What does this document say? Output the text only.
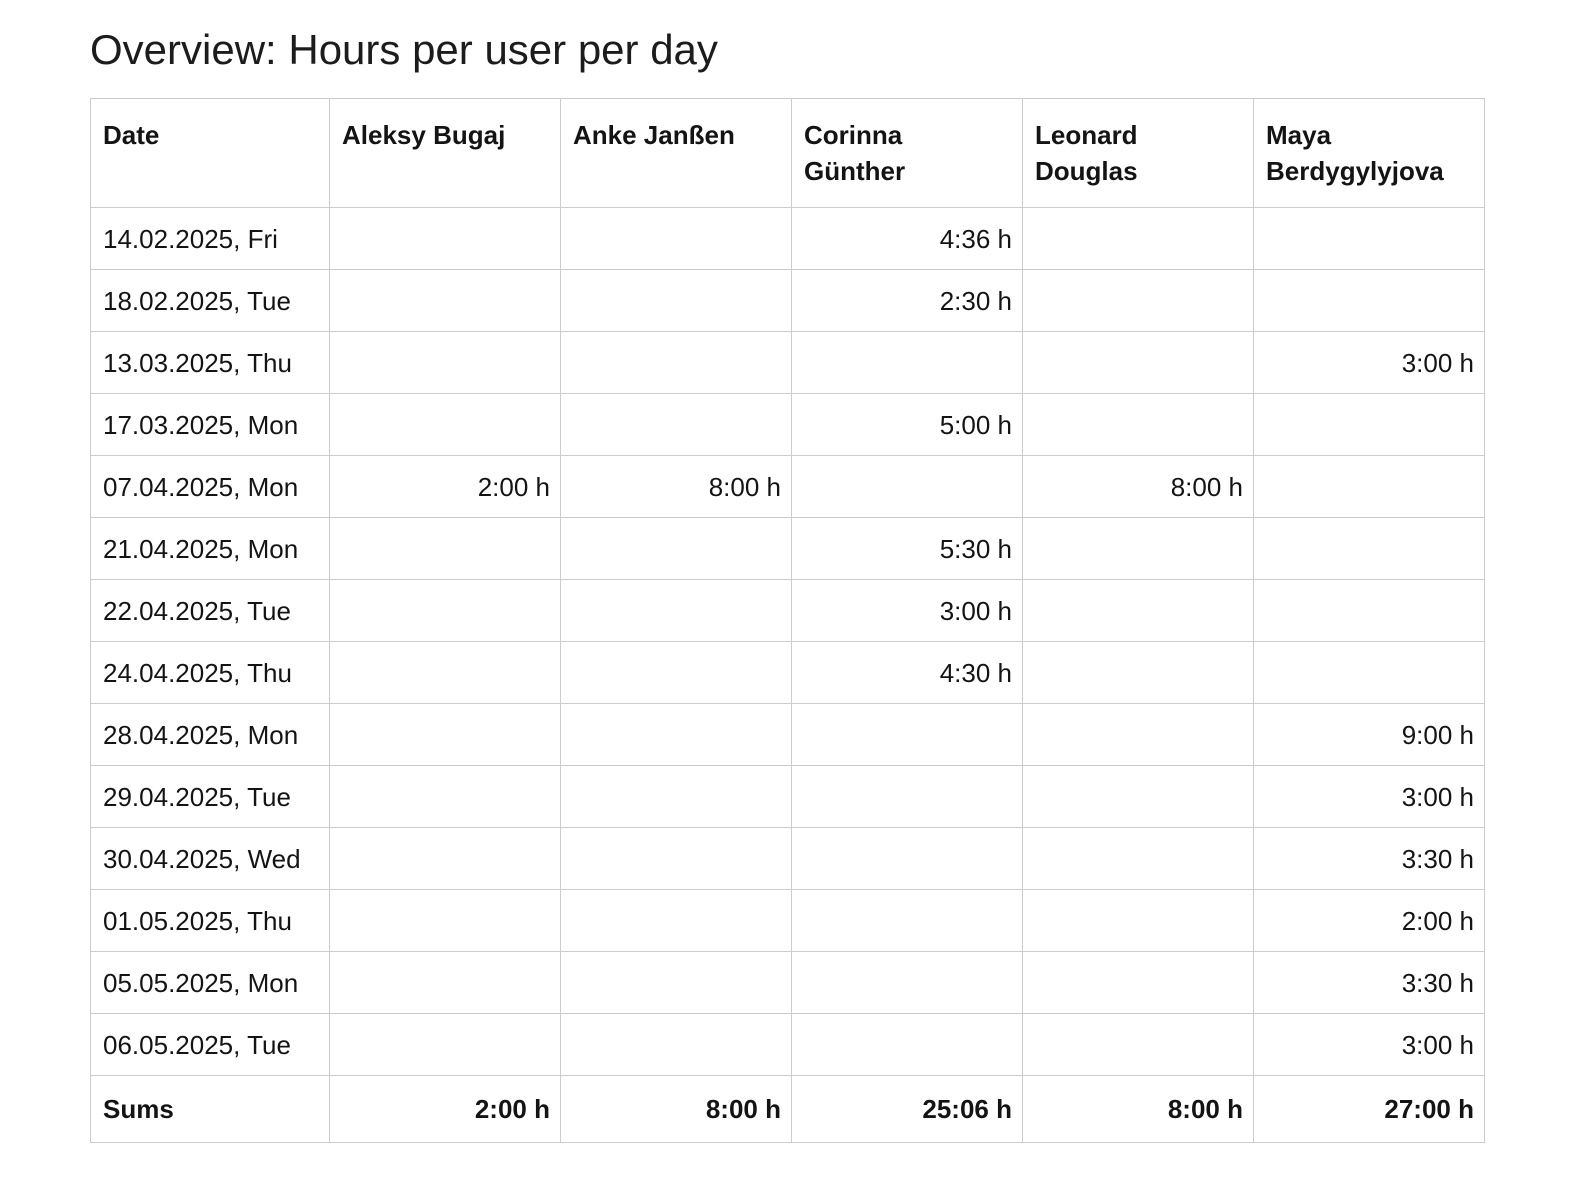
Overview: Hours per user per day
Date	Aleksy Bugaj	Anke Janßen	Corinna Günther	Leonard Douglas	Maya Berdygylyjova
14.02.2025, Fri			4:36 h		
18.02.2025, Tue			2:30 h		
13.03.2025, Thu					3:00 h
17.03.2025, Mon			5:00 h		
07.04.2025, Mon	2:00 h	8:00 h		8:00 h	
21.04.2025, Mon			5:30 h		
22.04.2025, Tue			3:00 h		
24.04.2025, Thu			4:30 h		
28.04.2025, Mon					9:00 h
29.04.2025, Tue					3:00 h
30.04.2025, Wed					3:30 h
01.05.2025, Thu					2:00 h
05.05.2025, Mon					3:30 h
06.05.2025, Tue					3:00 h
Sums	2:00 h	8:00 h	25:06 h	8:00 h	27:00 h
